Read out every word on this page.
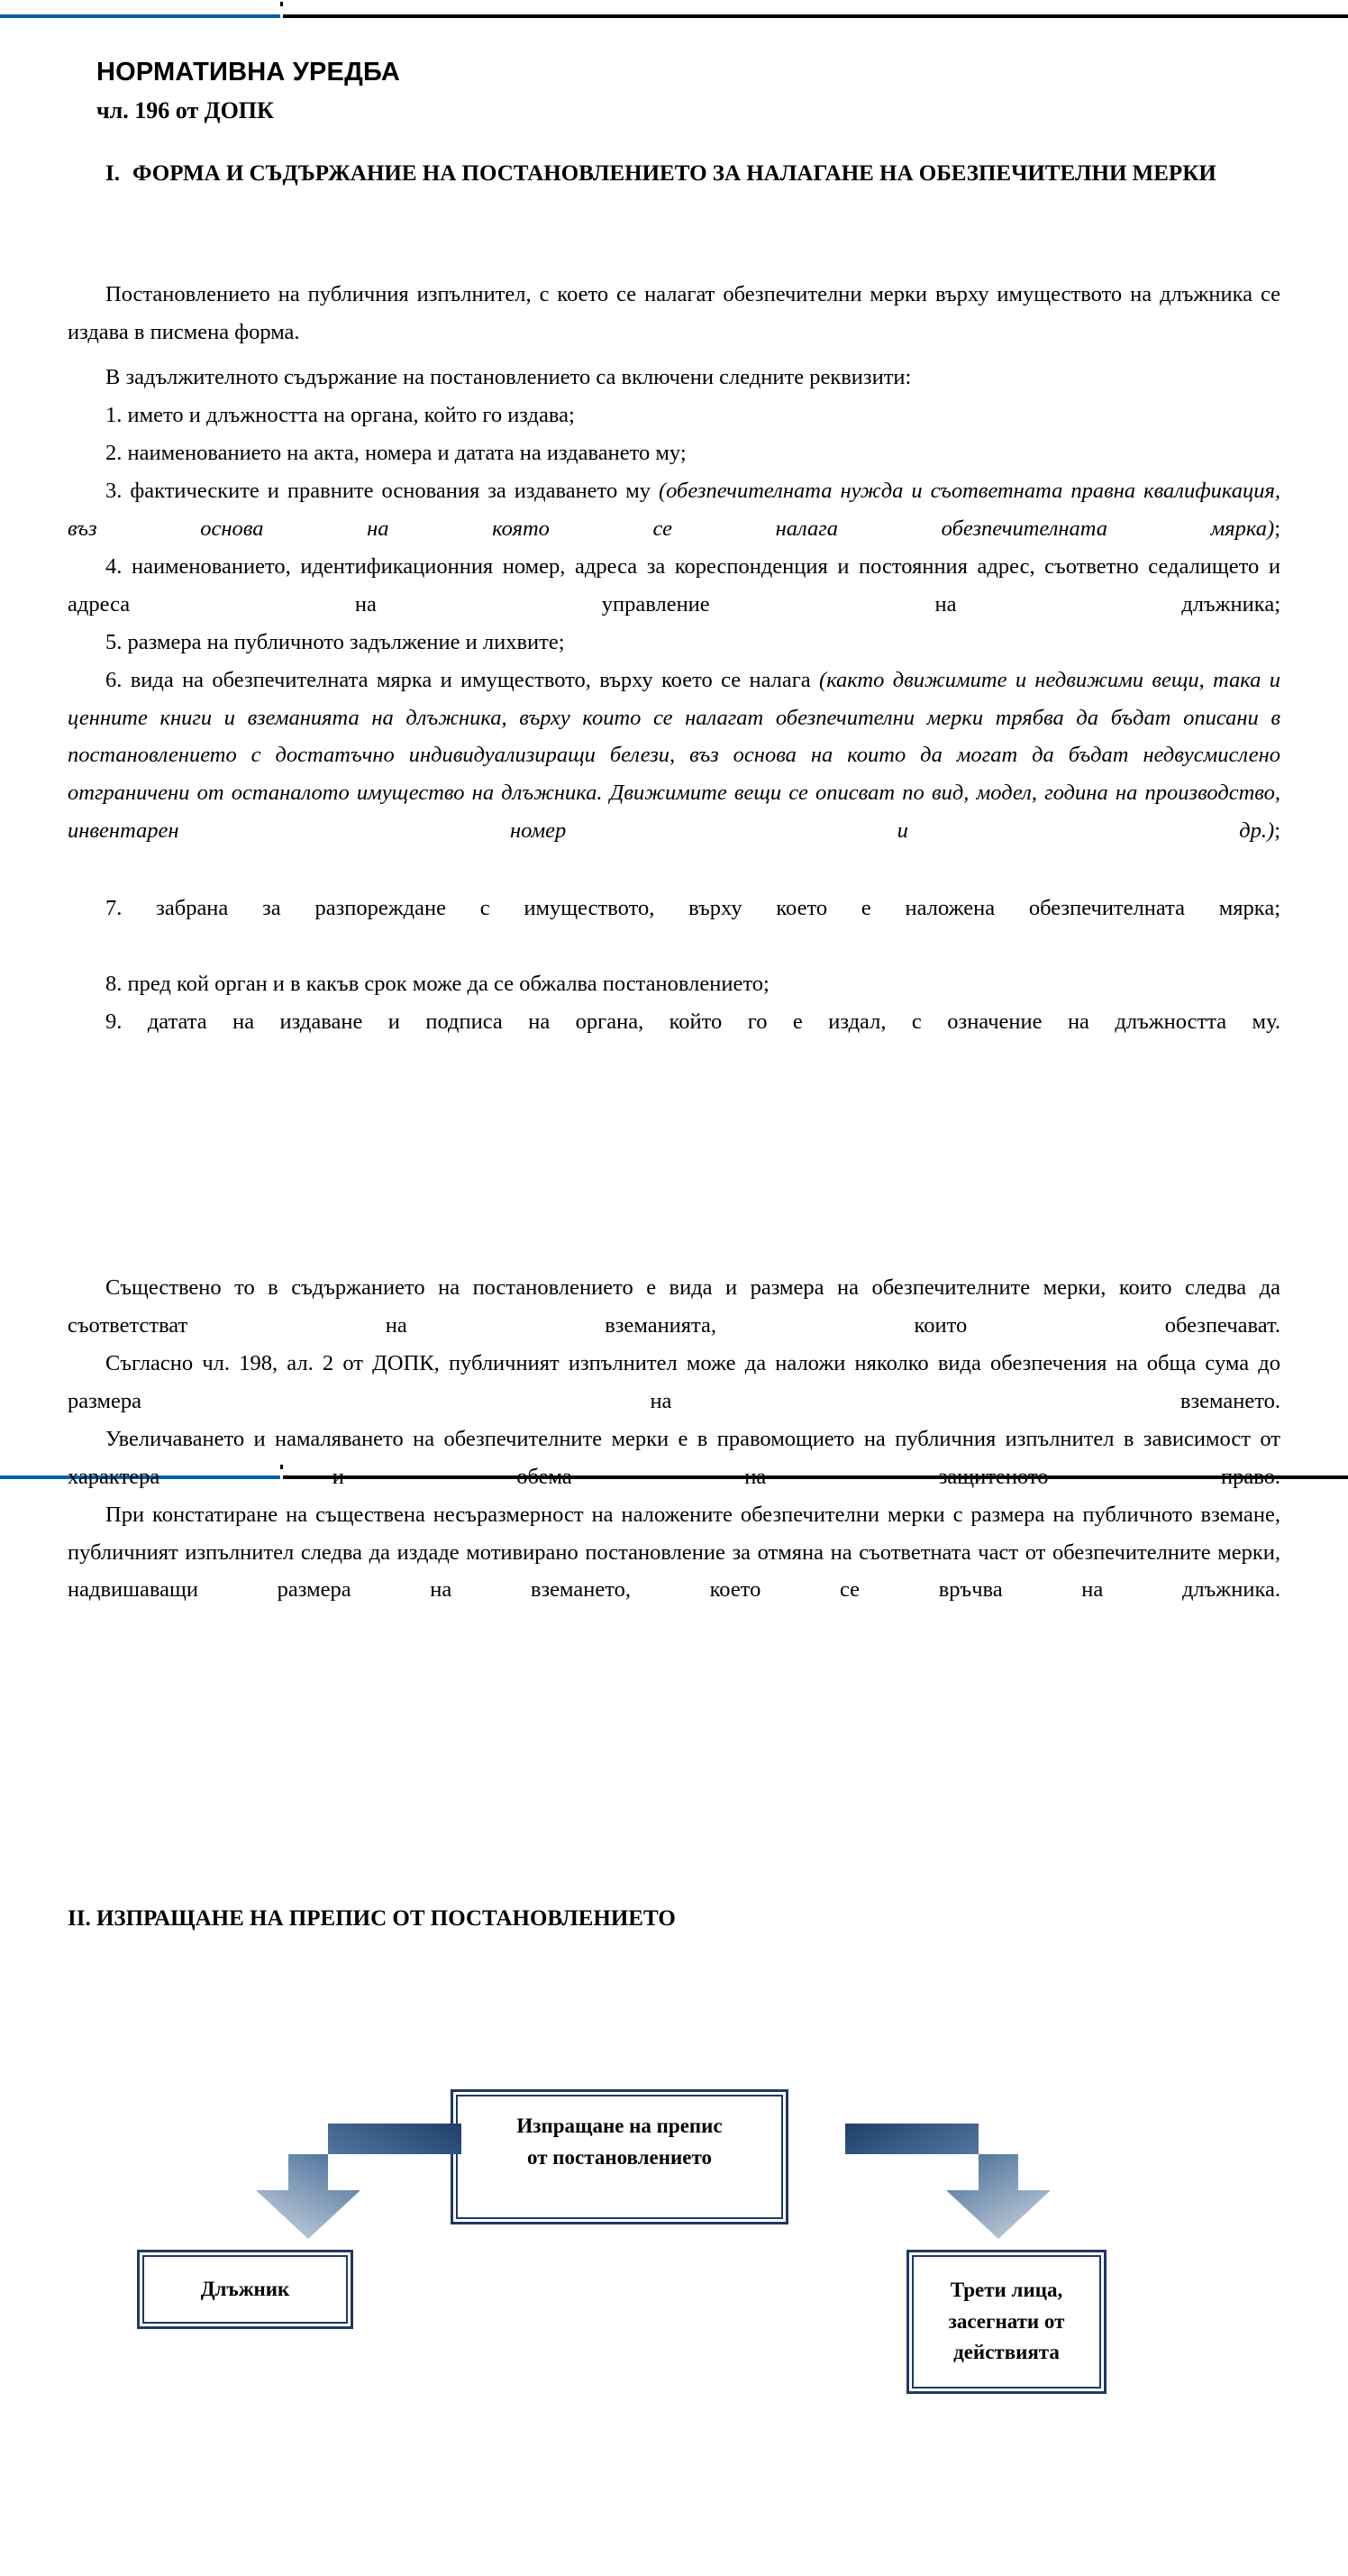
НОРМАТИВНА УРЕДБА
чл. 196 от ДОПК
I. ФОРМА И СЪДЪРЖАНИЕ НА ПОСТАНОВЛЕНИЕТО ЗА НАЛАГАНЕ НА ОБЕЗПЕЧИТЕЛНИ МЕРКИ

Постановлението на публичния изпълнител, с което се налагат обезпечителни мерки върху имуществото на длъжника се издава в писмена форма.

В задължителното съдържание на постановлението са включени следните реквизити:

1. името и длъжността на органа, който го издава;

2. наименованието на акта, номера и датата на издаването му;

3. фактическите и правните основания за издаването му (обезпечителната нужда и съответната правна квалификация, въз основа на която се налага обезпечителната мярка);

4. наименованието, идентификационния номер, адреса за кореспонденция и постоянния адрес, съответно седалището и адреса на управление на длъжника;

5. размера на публичното задължение и лихвите;

6. вида на обезпечителната мярка и имуществото, върху което се налага (както движимите и недвижими вещи, така и ценните книги и вземанията на длъжника, върху които се налагат обезпечителни мерки трябва да бъдат описани в постановлението с достатъчно индивидуализиращи белези, въз основа на които да могат да бъдат недвусмислено отграничени от останалото имущество на длъжника. Движимите вещи се описват по вид, модел, година на производство, инвентарен номер и др.);

7. забрана за разпореждане с имуществото, върху което е наложена обезпечителната мярка;

8. пред кой орган и в какъв срок може да се обжалва постановлението;

9. датата на издаване и подписа на органа, който го е издал, с означение на длъжността му.

Съществено то в съдържанието на постановлението е вида и размера на обезпечителните мерки, които следва да съответстват на вземанията, които обезпечават.

Съгласно чл. 198, ал. 2 от ДОПК, публичният изпълнител може да наложи няколко вида обезпечения на обща сума до размера на вземането.

Увеличаването и намаляването на обезпечителните мерки е в правомощието на публичния изпълнител в зависимост от характера и обема на защитеното право.

При констатиране на съществена несъразмерност на наложените обезпечителни мерки с размера на публичното взeмане, публичният изпълнител следва да издаде мотивирано постановление за отмяна на съответната част от обезпечителните мерки, надвишаващи размера на взeманeто, което се връчва на длъжника.

II. ИЗПРАЩАНЕ НА ПРЕПИС ОТ ПОСТАНОВЛЕНИЕТО
Изпращане на препис
от постановлението
Длъжник	Трети лица,
засегнати от
действията
